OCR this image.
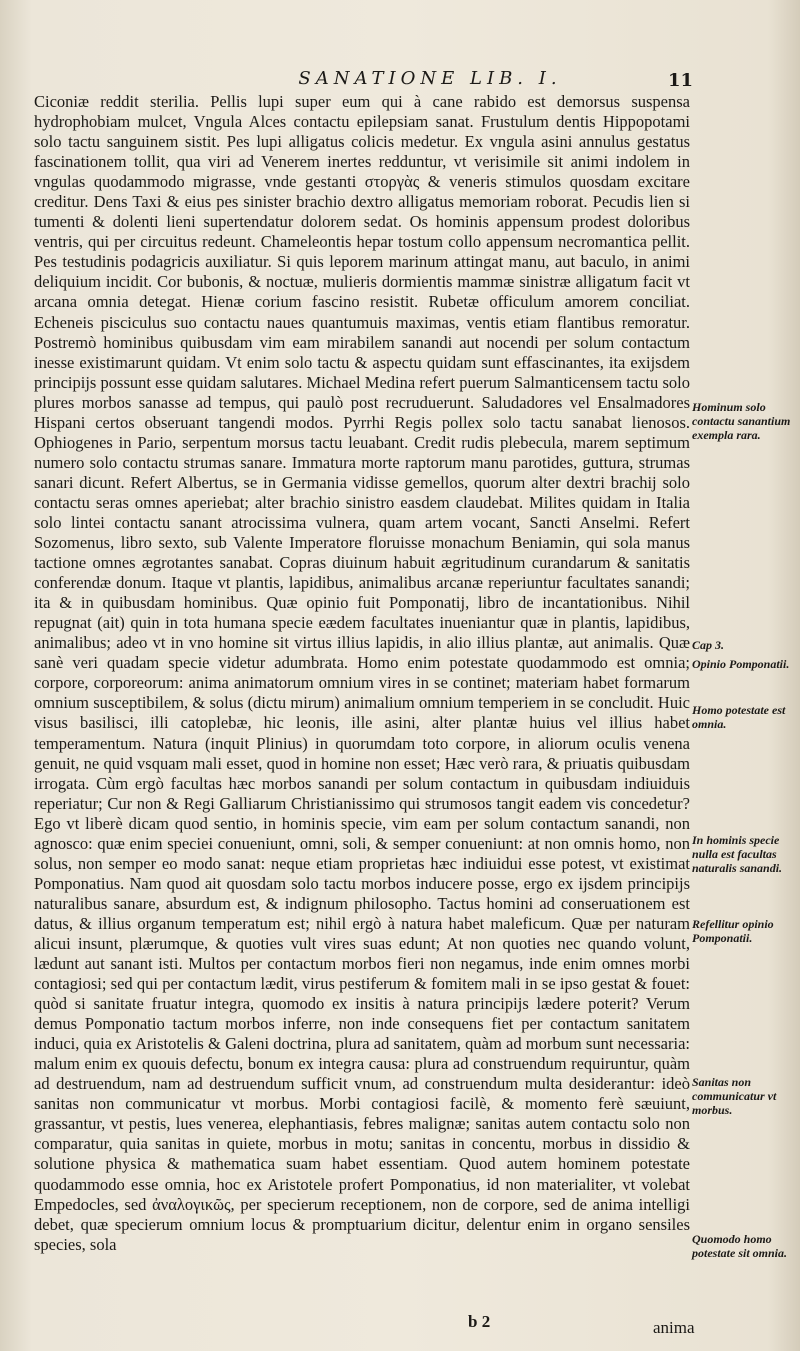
SANATIONE LIB. I.	11

Ciconiæ reddit sterilia. Pellis lupi super eum qui à cane rabido est demorsus suspensa hydrophobiam mulcet, Vngula Alces contactu epilepsiam sanat. Frustulum dentis Hippopotami solo tactu sanguinem sistit. Pes lupi alligatus colicis medetur. Ex vngula asini annulus gestatus fascinationem tollit, qua viri ad Venerem inertes redduntur, vt verisimile sit animi indolem in vngulas quodammodo migrasse, vnde gestanti στοργὰς & veneris stimulos quosdam excitare creditur. Dens Taxi & eius pes sinister brachio dextro alligatus memoriam roborat. Pecudis lien si tumenti & dolenti lieni supertendatur dolorem sedat. Os hominis appensum prodest doloribus ventris, qui per circuitus redeunt. Chameleontis hepar tostum collo appensum necromantica pellit. Pes testudinis podagricis auxiliatur. Si quis leporem marinum attingat manu, aut baculo, in animi deliquium incidit. Cor bubonis, & noctuæ, mulieris dormientis mammæ sinistræ alligatum facit vt arcana omnia detegat. Hienæ corium fascino resistit. Rubetæ officulum amorem conciliat. Echeneis pisciculus suo contactu naues quantumuis maximas, ventis etiam flantibus remoratur. Postremò hominibus quibusdam vim eam mirabilem sanandi aut nocendi per solum contactum inesse existimarunt quidam. Vt enim solo tactu & aspectu quidam sunt effascinantes, ita exijsdem principijs possunt esse quidam salutares. Michael Medina refert puerum Salmanticensem tactu solo plures morbos sanasse ad tempus, qui paulò post recruduerunt. Saludadores vel Ensalmadores Hispani certos obseruant tangendi modos. Pyrrhi Regis pollex solo tactu sanabat lienosos. Ophiogenes in Pario, serpentum morsus tactu leuabant. Credit rudis plebecula, marem septimum numero solo contactu strumas sanare. Immatura morte raptorum manu parotides, guttura, strumas sanari dicunt. Refert Albertus, se in Germania vidisse gemellos, quorum alter dextri brachij solo contactu seras omnes aperiebat; alter brachio sinistro easdem claudebat. Milites quidam in Italia solo lintei contactu sanant atrocissima vulnera, quam artem vocant, Sancti Anselmi. Refert Sozomenus, libro sexto, sub Valente Imperatore floruisse monachum Beniamin, qui sola manus tactione omnes ægrotantes sanabat. Copras diuinum habuit ægritudinum curandarum & sanitatis conferendæ donum. Itaque vt plantis, lapidibus, animalibus arcanæ reperiuntur facultates sanandi; ita & in quibusdam hominibus. Quæ opinio fuit Pomponatij, libro de incantationibus. Nihil repugnat (ait) quin in tota humana specie eædem facultates inueniantur quæ in plantis, lapidibus, animalibus; adeo vt in vno homine sit virtus illius lapidis, in alio illius plantæ, aut animalis. Quæ sanè veri quadam specie videtur adumbrata. Homo enim potestate quodammodo est omnia; corpore, corporeorum: anima animatorum omnium vires in se continet; materiam habet formarum omnium susceptibilem, & solus (dictu mirum) animalium omnium temperiem in se concludit. Huic visus basilisci, illi catoplebæ, hic leonis, ille asini, alter plantæ huius vel illius habet temperamentum. Natura (inquit Plinius) in quorumdam toto corpore, in aliorum oculis venena genuit, ne quid vsquam mali esset, quod in homine non esset; Hæc verò rara, & priuatis quibusdam irrogata. Cùm ergò facultas hæc morbos sanandi per solum contactum in quibusdam indiuiduis reperiatur; Cur non & Regi Galliarum Christianissimo qui strumosos tangit eadem vis concedetur? Ego vt liberè dicam quod sentio, in hominis specie, vim eam per solum contactum sanandi, non agnosco: quæ enim speciei conueniunt, omni, soli, & semper conueniunt: at non omnis homo, non solus, non semper eo modo sanat: neque etiam proprietas hæc indiuidui esse potest, vt existimat Pomponatius. Nam quod ait quosdam solo tactu morbos inducere posse, ergo ex ijsdem principijs naturalibus sanare, absurdum est, & indignum philosopho. Tactus homini ad conseruationem est datus, & illius organum temperatum est; nihil ergò à natura habet maleficum. Quæ per naturam alicui insunt, plærumque, & quoties vult vires suas edunt; At non quoties nec quando volunt, lædunt aut sanant isti. Multos per contactum morbos fieri non negamus, inde enim omnes morbi contagiosi; sed qui per contactum lædit, virus pestiferum & fomitem mali in se ipso gestat & fouet: quòd si sanitate fruatur integra, quomodo ex insitis à natura principijs lædere poterit? Verum demus Pomponatio tactum morbos inferre, non inde consequens fiet per contactum sanitatem induci, quia ex Aristotelis & Galeni doctrina, plura ad sanitatem, quàm ad morbum sunt necessaria: malum enim ex quouis defectu, bonum ex integra causa: plura ad construendum requiruntur, quàm ad destruendum, nam ad destruendum sufficit vnum, ad construendum multa desiderantur: ideò sanitas non communicatur vt morbus. Morbi contagiosi facilè, & momento ferè sæuiunt, grassantur, vt pestis, lues venerea, elephantiasis, febres malignæ; sanitas autem contactu solo non comparatur, quia sanitas in quiete, morbus in motu; sanitas in concentu, morbus in dissidio & solutione physica & mathematica suam habet essentiam. Quod autem hominem potestate quodammodo esse omnia, hoc ex Aristotele profert Pomponatius, id non materialiter, vt volebat Empedocles, sed ἀναλογικῶς, per specierum receptionem, non de corpore, sed de anima intelligi debet, quæ specierum omnium locus & promptuarium dicitur, delentur enim in organo sensiles species, sola

Hominum solo contactu sanantium exempla rara.
Cap 3.
Opinio Pomponatii.
Homo potestate est omnia.
In hominis specie nulla est facultas naturalis sanandi.
Refellitur opinio Pomponatii.
Sanitas non communicatur vt morbus.
Quomodo homo potestate sit omnia.
b 2	anima
